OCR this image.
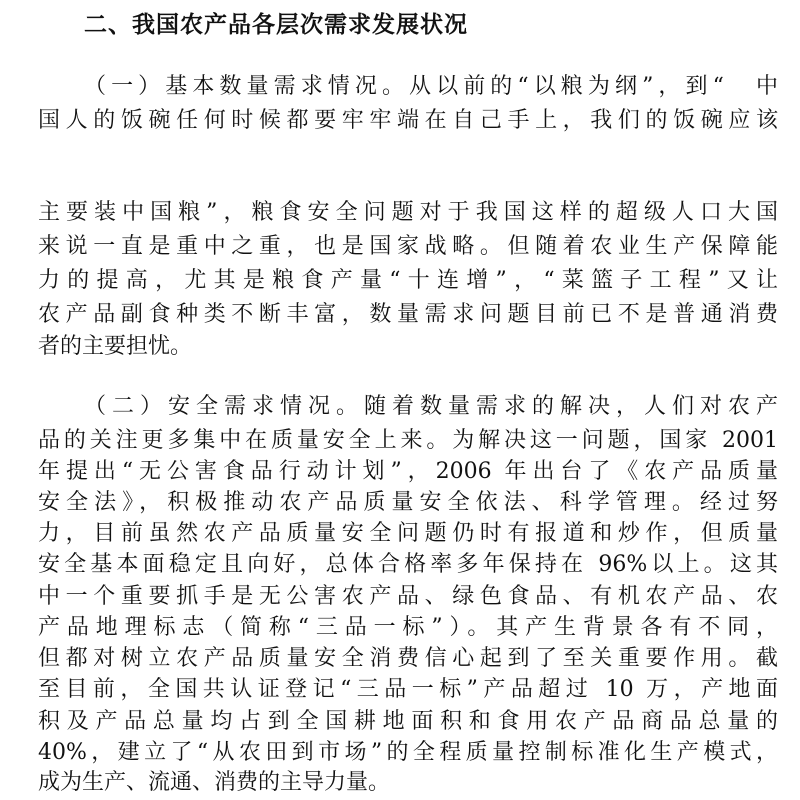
二、我国农产品各层次需求发展状况
（一）基本数量需求情况。从以前的“以粮为纲”，到“　中
国人的饭碗任何时候都要牢牢端在自己手上，我们的饭碗应该
主要装中国粮”，粮食安全问题对于我国这样的超级人口大国
来说一直是重中之重，也是国家战略。但随着农业生产保障能
力的提高，尤其是粮食产量“十连增”，“菜篮子工程”又让
农产品副食种类不断丰富，数量需求问题目前已不是普通消费
者的主要担忧。
（二）安全需求情况。随着数量需求的解决，人们对农产
品的关注更多集中在质量安全上来。为解决这一问题，国家 2001
年提出“无公害食品行动计划”，2006 年出台了《农产品质量
安全法》，积极推动农产品质量安全依法、科学管理。经过努
力，目前虽然农产品质量安全问题仍时有报道和炒作，但质量
安全基本面稳定且向好，总体合格率多年保持在 96%以上。这其
中一个重要抓手是无公害农产品、绿色食品、有机农产品、农
产品地理标志（简称“三品一标”）。其产生背景各有不同，
但都对树立农产品质量安全消费信心起到了至关重要作用。截
至目前，全国共认证登记“三品一标”产品超过 10 万，产地面
积及产品总量均占到全国耕地面积和食用农产品商品总量的
40%，建立了“从农田到市场”的全程质量控制标准化生产模式，
成为生产、流通、消费的主导力量。
